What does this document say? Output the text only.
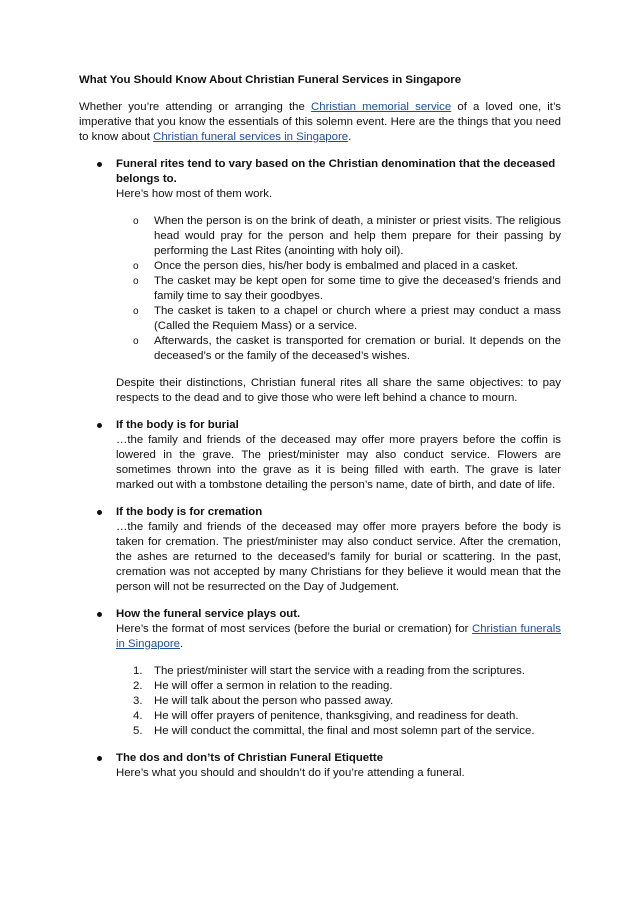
What You Should Know About Christian Funeral Services in Singapore

Whether you’re attending or arranging the Christian memorial service of a loved one, it’s imperative that you know the essentials of this solemn event. Here are the things that you need to know about Christian funeral services in Singapore.

Funeral rites tend to vary based on the Christian denomination that the deceased belongs to.
Here’s how most of them work.
o When the person is on the brink of death, a minister or priest visits. The religious head would pray for the person and help them prepare for their passing by performing the Last Rites (anointing with holy oil).
o Once the person dies, his/her body is embalmed and placed in a casket.
o The casket may be kept open for some time to give the deceased’s friends and family time to say their goodbyes.
o The casket is taken to a chapel or church where a priest may conduct a mass (Called the Requiem Mass) or a service.
o Afterwards, the casket is transported for cremation or burial. It depends on the deceased’s or the family of the deceased’s wishes.
Despite their distinctions, Christian funeral rites all share the same objectives: to pay respects to the dead and to give those who were left behind a chance to mourn.
If the body is for burial
…the family and friends of the deceased may offer more prayers before the coffin is lowered in the grave. The priest/minister may also conduct service. Flowers are sometimes thrown into the grave as it is being filled with earth. The grave is later marked out with a tombstone detailing the person’s name, date of birth, and date of life.
If the body is for cremation
…the family and friends of the deceased may offer more prayers before the body is taken for cremation. The priest/minister may also conduct service. After the cremation, the ashes are returned to the deceased’s family for burial or scattering. In the past, cremation was not accepted by many Christians for they believe it would mean that the person will not be resurrected on the Day of Judgement.
How the funeral service plays out.
Here’s the format of most services (before the burial or cremation) for Christian funerals in Singapore.
1. The priest/minister will start the service with a reading from the scriptures.
2. He will offer a sermon in relation to the reading.
3. He will talk about the person who passed away.
4. He will offer prayers of penitence, thanksgiving, and readiness for death.
5. He will conduct the committal, the final and most solemn part of the service.
The dos and don’ts of Christian Funeral Etiquette
Here’s what you should and shouldn’t do if you’re attending a funeral.
